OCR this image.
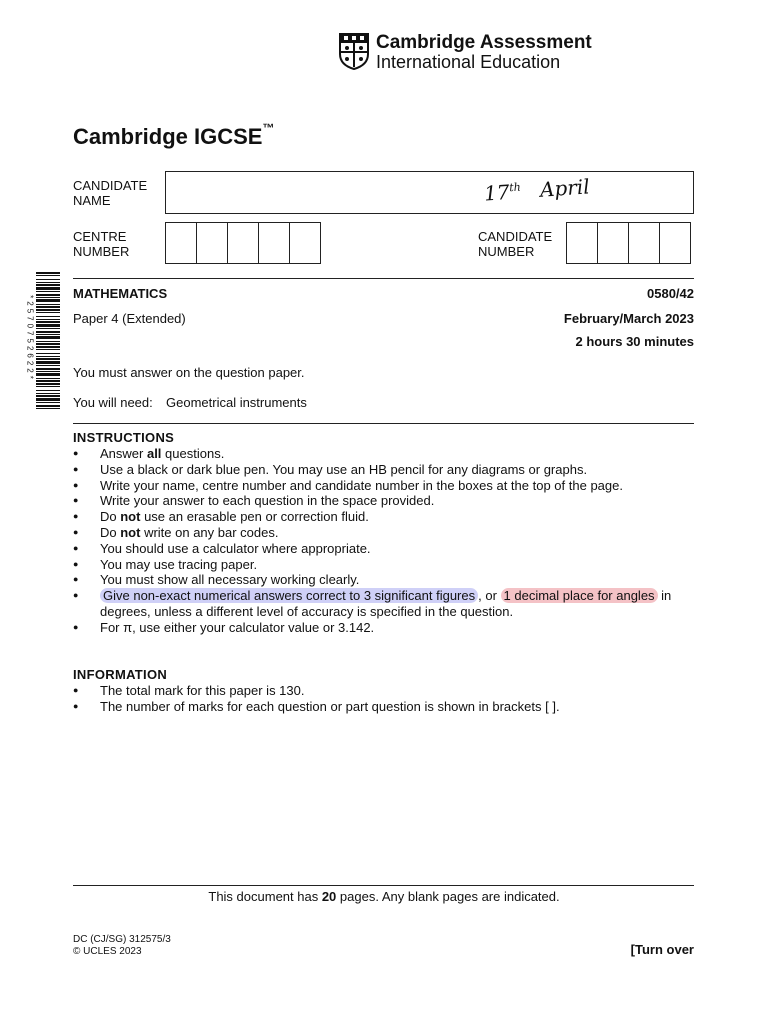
Cambridge Assessment
International Education
Cambridge IGCSE™
CANDIDATE
NAME	17th April
CENTRE
NUMBER
CANDIDATE
NUMBER
*2570752622*
MATHEMATICS	0580/42
Paper 4 (Extended)	February/March 2023
2 hours 30 minutes
You must answer on the question paper.
You will need: Geometrical instruments
INSTRUCTIONS
● Answer all questions.
● Use a black or dark blue pen. You may use an HB pencil for any diagrams or graphs.
● Write your name, centre number and candidate number in the boxes at the top of the page.
● Write your answer to each question in the space provided.
● Do not use an erasable pen or correction fluid.
● Do not write on any bar codes.
● You should use a calculator where appropriate.
● You may use tracing paper.
● You must show all necessary working clearly.
● Give non-exact numerical answers correct to 3 significant figures , or 1 decimal place for angles in degrees, unless a different level of accuracy is specified in the question.
● For π, use either your calculator value or 3.142.
INFORMATION
● The total mark for this paper is 130.
● The number of marks for each question or part question is shown in brackets [ ].
This document has 20 pages. Any blank pages are indicated.
DC (CJ/SG) 312575/3
© UCLES 2023	[Turn over
